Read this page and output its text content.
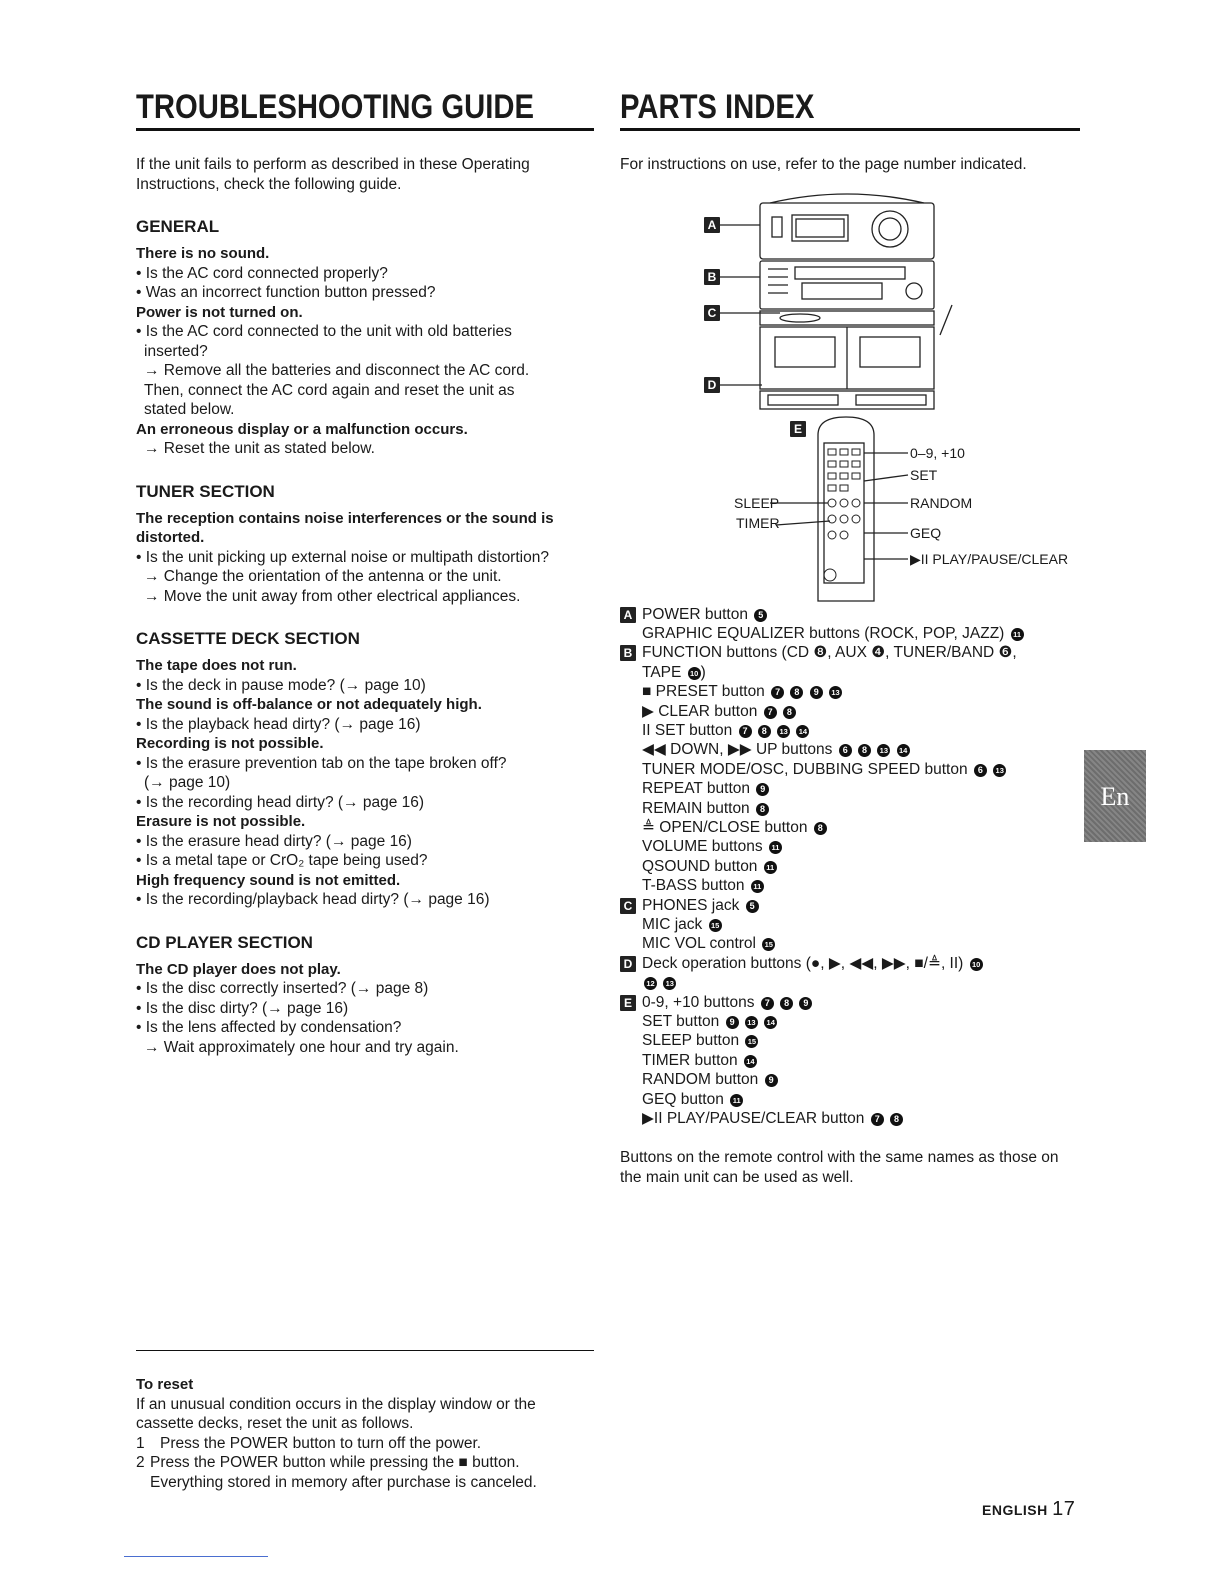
TROUBLESHOOTING GUIDE
If the unit fails to perform as described in these Operating Instructions, check the following guide.
GENERAL
There is no sound.
• Is the AC cord connected properly?
• Was an incorrect function button pressed?
Power is not turned on.
• Is the AC cord connected to the unit with old batteries
inserted?
→ Remove all the batteries and disconnect the AC cord.
Then, connect the AC cord again and reset the unit as
stated below.
An erroneous display or a malfunction occurs.
→ Reset the unit as stated below.
TUNER SECTION
The reception contains noise interferences or the sound is distorted.
• Is the unit picking up external noise or multipath distortion?
→ Change the orientation of the antenna or the unit.
→ Move the unit away from other electrical appliances.
CASSETTE DECK SECTION
The tape does not run.
• Is the deck in pause mode? (→ page 10)
The sound is off-balance or not adequately high.
• Is the playback head dirty? (→ page 16)
Recording is not possible.
• Is the erasure prevention tab on the tape broken off?
(→ page 10)
• Is the recording head dirty? (→ page 16)
Erasure is not possible.
• Is the erasure head dirty? (→ page 16)
• Is a metal tape or CrO₂ tape being used?
High frequency sound is not emitted.
• Is the recording/playback head dirty? (→ page 16)
CD PLAYER SECTION
The CD player does not play.
• Is the disc correctly inserted? (→ page 8)
• Is the disc dirty? (→ page 16)
• Is the lens affected by condensation?
→ Wait approximately one hour and try again.
To reset
If an unusual condition occurs in the display window or the cassette decks, reset the unit as follows.
1 Press the POWER button to turn off the power.
2 Press the POWER button while pressing the ■ button. Everything stored in memory after purchase is canceled.
PARTS INDEX
For instructions on use, refer to the page number indicated.
A
B
C
D
E
0–9, +10
SET
RANDOM
GEQ
▶II PLAY/PAUSE/CLEAR
SLEEP
TIMER
A POWER button 5
GRAPHIC EQUALIZER buttons (ROCK, POP, JAZZ) 11
B FUNCTION buttons (CD ❽, AUX ❹, TUNER/BAND ❻,
TAPE 10 )
■ PRESET button 7 8 9 13
▶ CLEAR button 7 8
II SET button 7 8 13 14
◀◀ DOWN, ▶▶ UP buttons 6 8 13 14
TUNER MODE/OSC, DUBBING SPEED button 6 13
REPEAT button 9
REMAIN button 8
≜ OPEN/CLOSE button 8
VOLUME buttons 11
QSOUND button 11
T-BASS button 11
C PHONES jack 5
MIC jack 15
MIC VOL control 15
D Deck operation buttons (●, ▶, ◀◀, ▶▶, ■/≜, II) 10
12 13
E 0-9, +10 buttons 7 8 9
SET button 9 13 14
SLEEP button 15
TIMER button 14
RANDOM button 9
GEQ button 11
▶II PLAY/PAUSE/CLEAR button 7 8
Buttons on the remote control with the same names as those on the main unit can be used as well.
En
ENGLISH 17
